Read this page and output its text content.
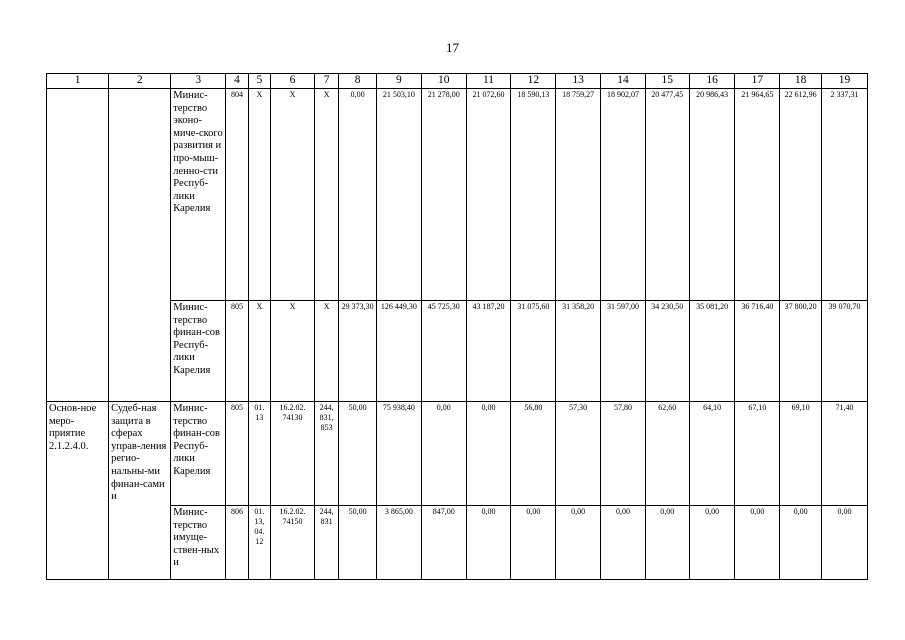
17
1	2	3	4	5	6	7	8	9	10	11	12	13	14	15	16	17	18	19
		Минис-терство эконо-миче-ского развития и про-мыш-ленно-сти Респуб-лики Карелия	804	X	X	X	0,00	21 503,10	21 278,00	21 072,60	18 590,13	18 759,27	18 902,07	20 477,45	20 986,43	21 964,65	22 612,96	2 337,31
		Минис-терство финан-сов Респуб-лики Карелия	805	X	X	X	29 373,30	126 449,30	45 725,30	43 187,20	31 075,60	31 358,20	31 597,00	34 230,50	35 081,20	36 716,40	37 800,20	39 070,70
Основ-ное меро-приятие 2.1.2.4.0.	Судеб-ная защита в сферах управ-ления регио-нальны-ми финан-сами и	Минис-терство финан-сов Респуб-лики Карелия	805	01. 13	16.2.02. 74130	244, 831, 853	50,00	75 938,40	0,00	0,00	56,80	57,30	57,80	62,60	64,10	67,10	69,10	71,40
		Минис-терство имуще-ствен-ных и	806	01. 13, 04. 12	16.2.02. 74150	244, 831	50,00	3 865,00	847,00	0,00	0,00	0,00	0,00	0,00	0,00	0,00	0,00	0,00
